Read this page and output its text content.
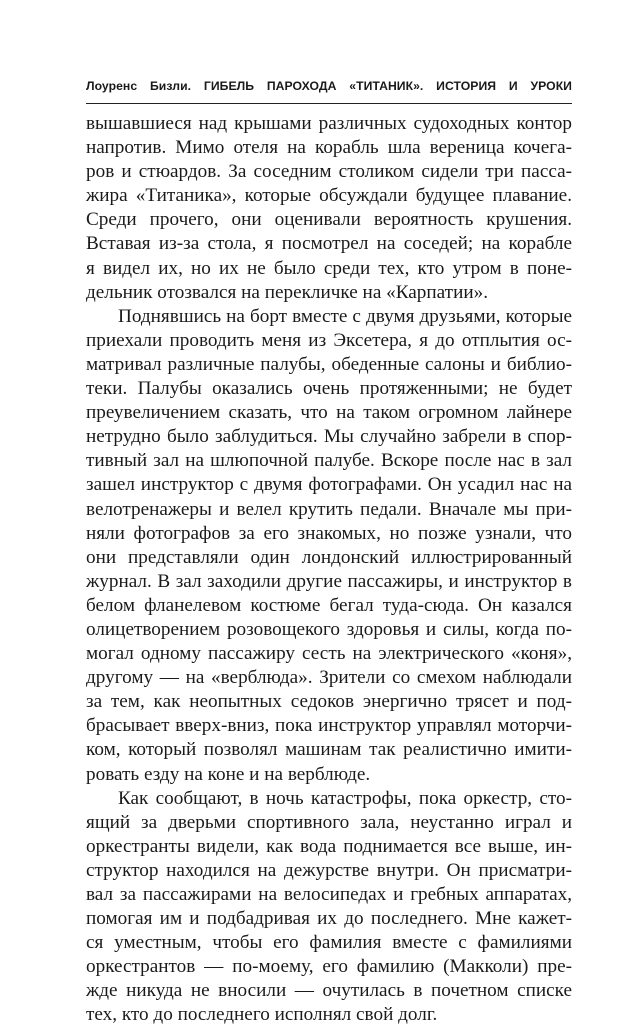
Лоуренс Бизли. ГИБЕЛЬ ПАРОХОДА «ТИТАНИК». ИСТОРИЯ И УРОКИ
вышавшиеся над крышами различных судоходных контор
напротив. Мимо отеля на корабль шла вереница кочега-
ров и стюардов. За соседним столиком сидели три пасса-
жира «Титаника», которые обсуждали будущее плавание.
Среди прочего, они оценивали вероятность крушения.
Вставая из-за стола, я посмотрел на соседей; на корабле
я видел их, но их не было среди тех, кто утром в поне-
дельник отозвался на перекличке на «Карпатии».
Поднявшись на борт вместе с двумя друзьями, которые
приехали проводить меня из Эксетера, я до отплытия ос-
матривал различные палубы, обеденные салоны и библио-
теки. Палубы оказались очень протяженными; не будет
преувеличением сказать, что на таком огромном лайнере
нетрудно было заблудиться. Мы случайно забрели в спор-
тивный зал на шлюпочной палубе. Вскоре после нас в зал
зашел инструктор с двумя фотографами. Он усадил нас на
велотренажеры и велел крутить педали. Вначале мы при-
няли фотографов за его знакомых, но позже узнали, что
они представляли один лондонский иллюстрированный
журнал. В зал заходили другие пассажиры, и инструктор в
белом фланелевом костюме бегал туда-сюда. Он казался
олицетворением розовощекого здоровья и силы, когда по-
могал одному пассажиру сесть на электрического «коня»,
другому — на «верблюда». Зрители со смехом наблюдали
за тем, как неопытных седоков энергично трясет и под-
брасывает вверх-вниз, пока инструктор управлял моторчи-
ком, который позволял машинам так реалистично имити-
ровать езду на коне и на верблюде.
Как сообщают, в ночь катастрофы, пока оркестр, сто-
ящий за дверьми спортивного зала, неустанно играл и
оркестранты видели, как вода поднимается все выше, ин-
структор находился на дежурстве внутри. Он присматри-
вал за пассажирами на велосипедах и гребных аппаратах,
помогая им и подбадривая их до последнего. Мне кажет-
ся уместным, чтобы его фамилия вместе с фамилиями
оркестрантов — по-моему, его фамилию (Макколи) пре-
жде никуда не вносили — очутилась в почетном списке
тех, кто до последнего исполнял свой долг.
